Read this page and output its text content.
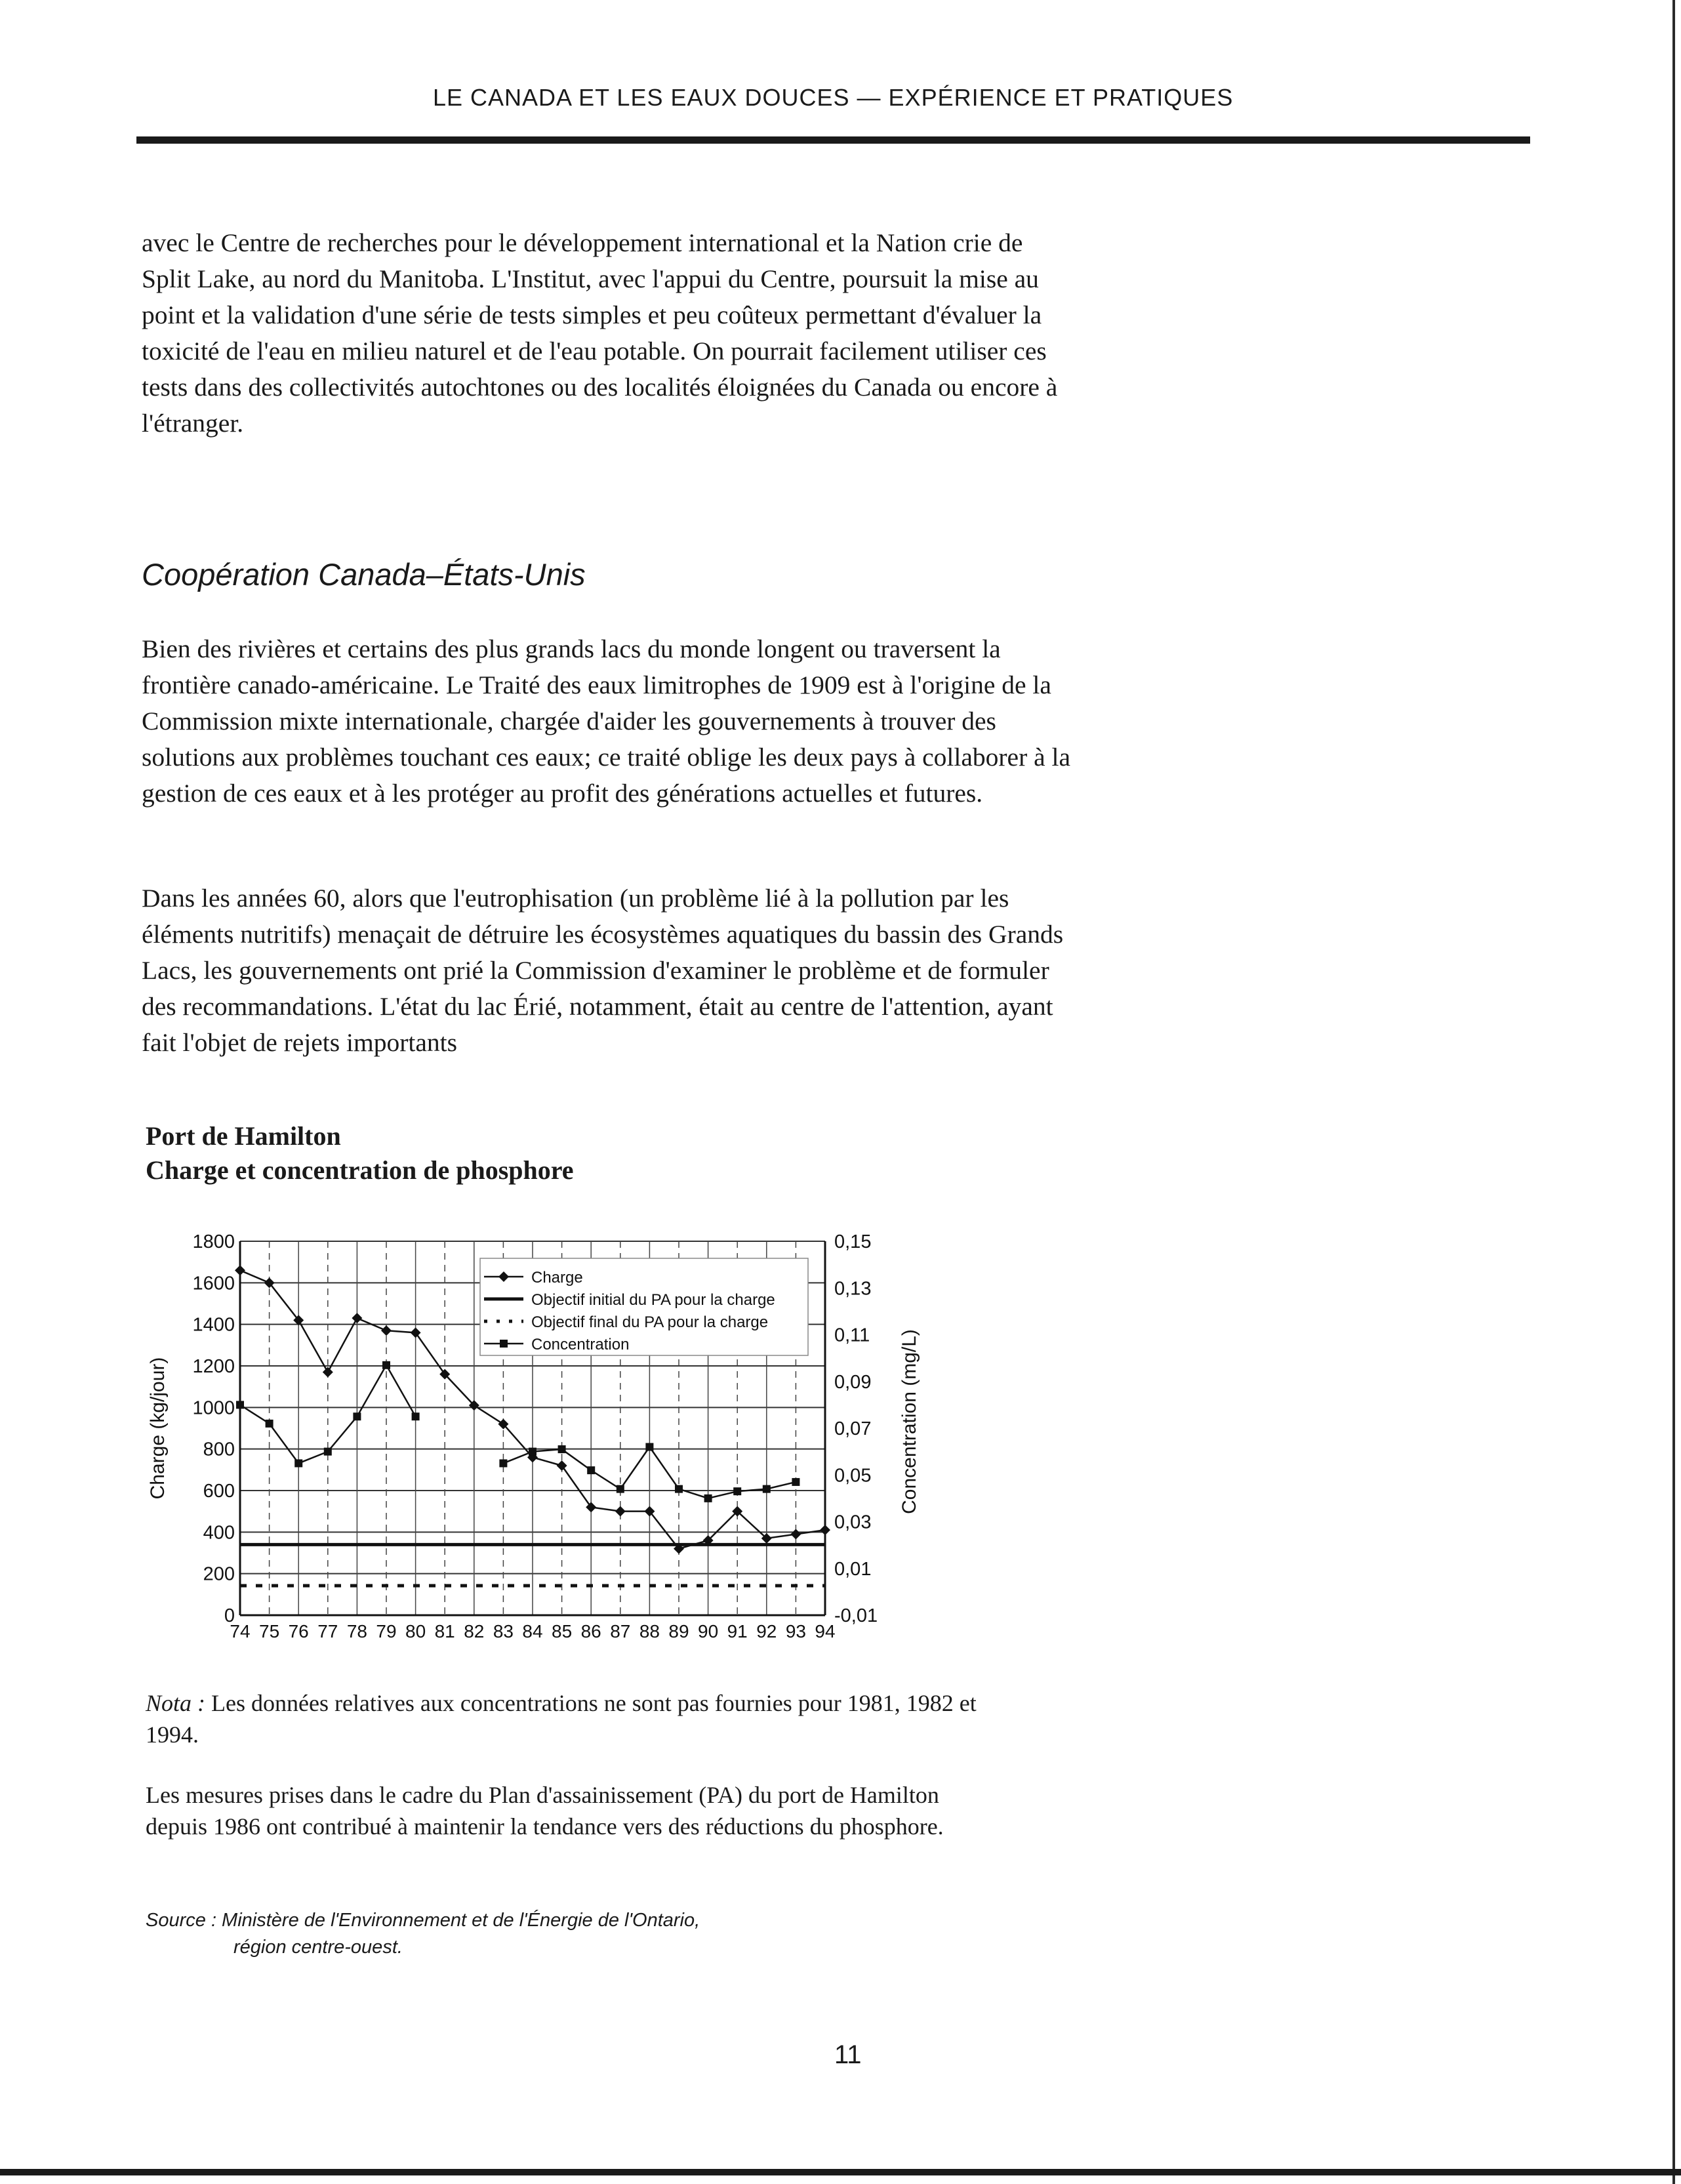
LE CANADA ET LES EAUX DOUCES — EXPÉRIENCE ET PRATIQUES

avec le Centre de recherches pour le développement international et la Nation crie de Split Lake, au nord du Manitoba. L'Institut, avec l'appui du Centre, poursuit la mise au point et la validation d'une série de tests simples et peu coûteux permettant d'évaluer la toxicité de l'eau en milieu naturel et de l'eau potable. On pourrait facilement utiliser ces tests dans des collectivités autochtones ou des localités éloignées du Canada ou encore à l'étranger.

Coopération Canada–États-Unis

Bien des rivières et certains des plus grands lacs du monde longent ou traversent la frontière canado-américaine. Le Traité des eaux limitrophes de 1909 est à l'origine de la Commission mixte internationale, chargée d'aider les gouvernements à trouver des solutions aux problèmes touchant ces eaux; ce traité oblige les deux pays à collaborer à la gestion de ces eaux et à les protéger au profit des générations actuelles et futures.

Dans les années 60, alors que l'eutrophisation (un problème lié à la pollution par les éléments nutritifs) menaçait de détruire les écosystèmes aquatiques du bassin des Grands Lacs, les gouvernements ont prié la Commission d'examiner le problème et de formuler des recommandations. L'état du lac Érié, notamment, était au centre de l'attention, ayant fait l'objet de rejets importants

Port de Hamilton
Charge et concentration de phosphore
0
200
400
600
800
1000
1200
1400
1600
1800
-0,01
0,01
0,03
0,05
0,07
0,09
0,11
0,13
0,15
74 75 76 77 78 79 80 81 82 83 84 85 86 87 88 89 90 91 92 93 94
Charge (kg/jour)	Concentration (mg/L)
Charge
Objectif initial du PA pour la charge
Objectif final du PA pour la charge
Concentration
Nota : Les données relatives aux concentrations ne sont pas fournies pour 1981, 1982 et 1994.
Les mesures prises dans le cadre du Plan d'assainissement (PA) du port de Hamilton depuis 1986 ont contribué à maintenir la tendance vers des réductions du phosphore.
Source : Ministère de l'Environnement et de l'Énergie de l'Ontario,
région centre-ouest.
11
